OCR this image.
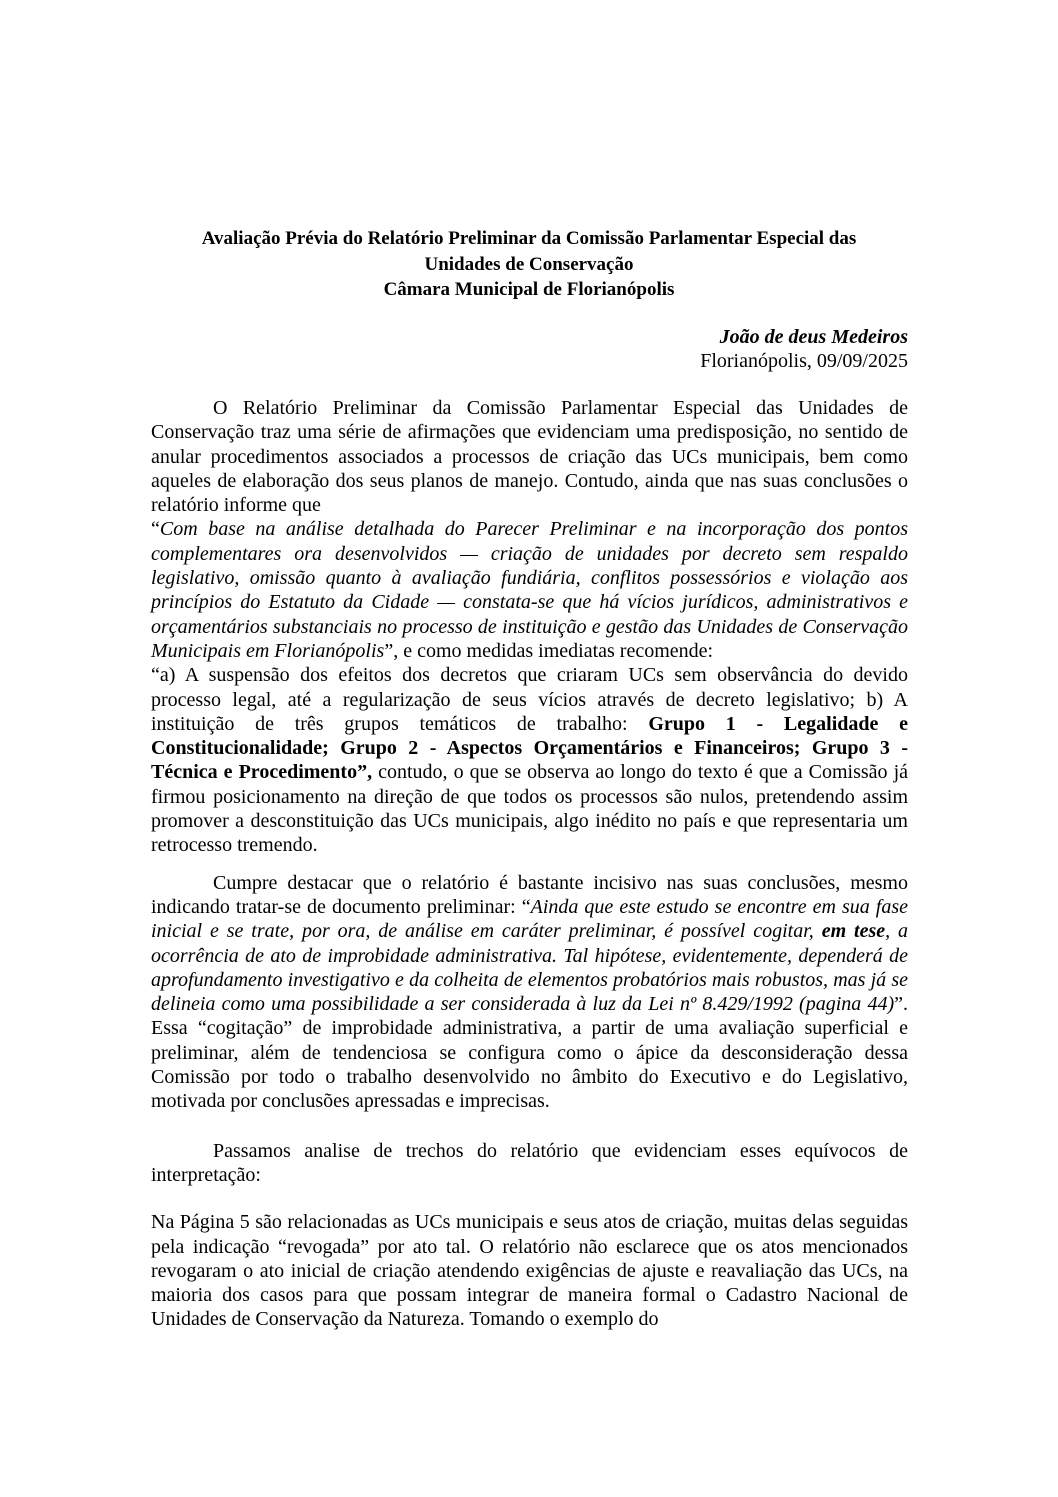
Avaliação Prévia do Relatório Preliminar da Comissão Parlamentar Especial das
Unidades de Conservação
Câmara Municipal de Florianópolis
João de deus Medeiros
Florianópolis, 09/09/2025

O Relatório Preliminar da Comissão Parlamentar Especial das Unidades de Conservação traz uma série de afirmações que evidenciam uma predisposição, no sentido de anular procedimentos associados a processos de criação das UCs municipais, bem como aqueles de elaboração dos seus planos de manejo. Contudo, ainda que nas suas conclusões o relatório informe que

“Com base na análise detalhada do Parecer Preliminar e na incorporação dos pontos complementares ora desenvolvidos — criação de unidades por decreto sem respaldo legislativo, omissão quanto à avaliação fundiária, conflitos possessórios e violação aos princípios do Estatuto da Cidade — constata-se que há vícios jurídicos, administrativos e orçamentários substanciais no processo de instituição e gestão das Unidades de Conservação Municipais em Florianópolis”, e como medidas imediatas recomende:

“a) A suspensão dos efeitos dos decretos que criaram UCs sem observância do devido processo legal, até a regularização de seus vícios através de decreto legislativo; b) A instituição de três grupos temáticos de trabalho: Grupo 1 - Legalidade e Constitucionalidade; Grupo 2 - Aspectos Orçamentários e Financeiros; Grupo 3 - Técnica e Procedimento”, contudo, o que se observa ao longo do texto é que a Comissão já firmou posicionamento na direção de que todos os processos são nulos, pretendendo assim promover a desconstituição das UCs municipais, algo inédito no país e que representaria um retrocesso tremendo.

Cumpre destacar que o relatório é bastante incisivo nas suas conclusões, mesmo indicando tratar-se de documento preliminar: “Ainda que este estudo se encontre em sua fase inicial e se trate, por ora, de análise em caráter preliminar, é possível cogitar, em tese, a ocorrência de ato de improbidade administrativa. Tal hipótese, evidentemente, dependerá de aprofundamento investigativo e da colheita de elementos probatórios mais robustos, mas já se delineia como uma possibilidade a ser considerada à luz da Lei nº 8.429/1992 (pagina 44)”. Essa “cogitação” de improbidade administrativa, a partir de uma avaliação superficial e preliminar, além de tendenciosa se configura como o ápice da desconsideração dessa Comissão por todo o trabalho desenvolvido no âmbito do Executivo e do Legislativo, motivada por conclusões apressadas e imprecisas.

Passamos analise de trechos do relatório que evidenciam esses equívocos de interpretação:

Na Página 5 são relacionadas as UCs municipais e seus atos de criação, muitas delas seguidas pela indicação “revogada” por ato tal. O relatório não esclarece que os atos mencionados revogaram o ato inicial de criação atendendo exigências de ajuste e reavaliação das UCs, na maioria dos casos para que possam integrar de maneira formal o Cadastro Nacional de Unidades de Conservação da Natureza. Tomando o exemplo do
